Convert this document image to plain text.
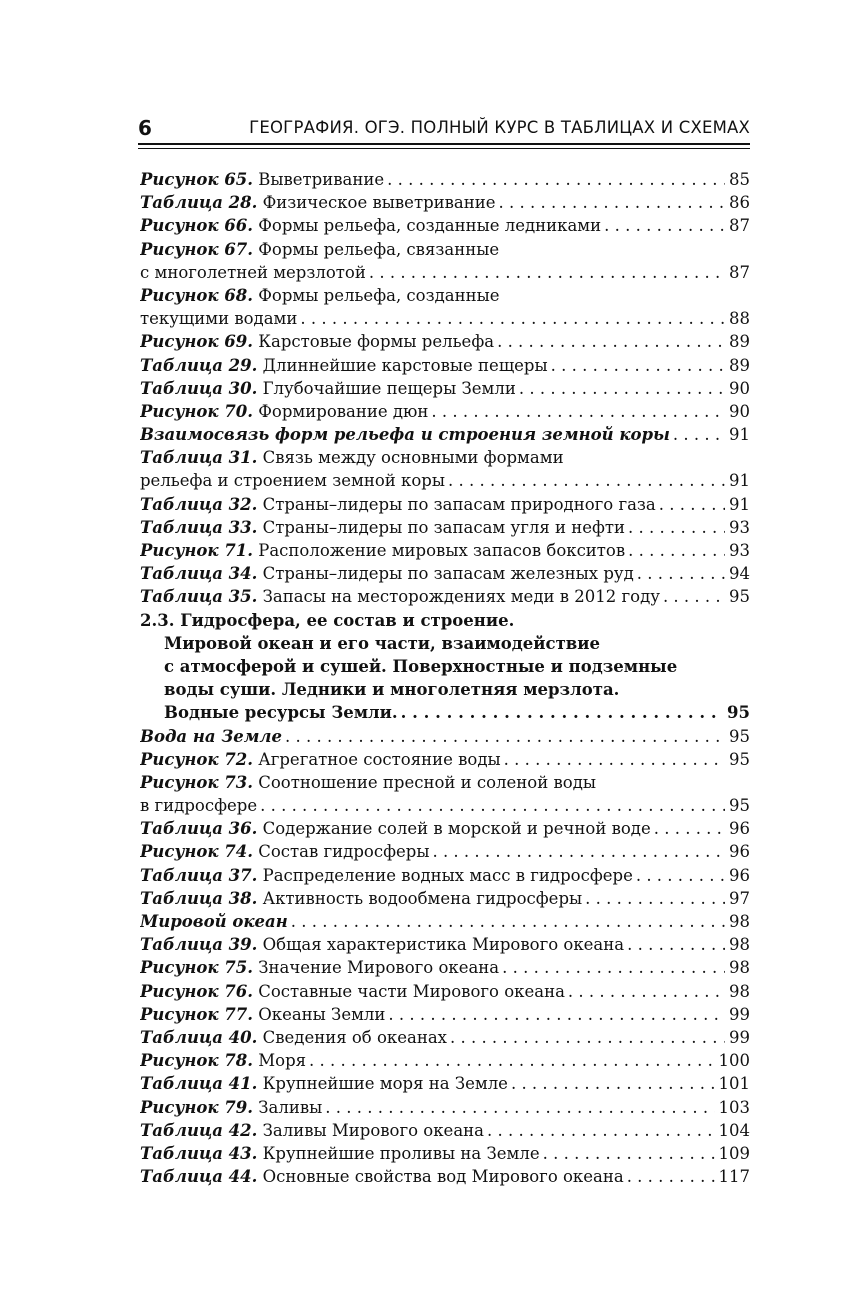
6	ГЕОГРАФИЯ. ОГЭ. ПОЛНЫЙ КУРС В ТАБЛИЦАХ И СХЕМАХ
Рисунок 65. Выветривание . . .	85
Таблица 28. Физическое выветривание . . .	86
Рисунок 66. Формы рельефа, созданные ледниками . . .	87
Рисунок 67. Формы рельефа, связанные
с многолетней мерзлотой . . .	87
Рисунок 68. Формы рельефа, созданные
текущими водами . . .	88
Рисунок 69. Карстовые формы рельефа . . .	89
Таблица 29. Длиннейшие карстовые пещеры . . .	89
Таблица 30. Глубочайшие пещеры Земли . . .	90
Рисунок 70. Формирование дюн . . .	90
Взаимосвязь форм рельефа и строения земной коры . . .	91
Таблица 31. Связь между основными формами
рельефа и строением земной коры . . .	91
Таблица 32. Страны–лидеры по запасам природного газа . . .	91
Таблица 33. Страны–лидеры по запасам угля и нефти . . .	93
Рисунок 71. Расположение мировых запасов бокситов . . .	93
Таблица 34. Страны–лидеры по запасам железных руд . . .	94
Таблица 35. Запасы на месторождениях меди в 2012 году . . .	95
2.3. Гидросфера, ее состав и строение.
Мировой океан и его части, взаимодействие
с атмосферой и сушей. Поверхностные и подземные
воды суши. Ледники и многолетняя мерзлота.
Водные ресурсы Земли. . . .	95
Вода на Земле . . .	95
Рисунок 72. Агрегатное состояние воды . . .	95
Рисунок 73. Соотношение пресной и соленой воды
в гидросфере . . .	95
Таблица 36. Содержание солей в морской и речной воде . . .	96
Рисунок 74. Состав гидросферы . . .	96
Таблица 37. Распределение водных масс в гидросфере . . .	96
Таблица 38. Активность водообмена гидросферы . . .	97
Мировой океан . . .	98
Таблица 39. Общая характеристика Мирового океана . . .	98
Рисунок 75. Значение Мирового океана . . .	98
Рисунок 76. Составные части Мирового океана . . .	98
Рисунок 77. Океаны Земли . . .	99
Таблица 40. Сведения об океанах . . .	99
Рисунок 78. Моря . . .	100
Таблица 41. Крупнейшие моря на Земле . . .	101
Рисунок 79. Заливы . . .	103
Таблица 42. Заливы Мирового океана . . .	104
Таблица 43. Крупнейшие проливы на Земле . . .	109
Таблица 44. Основные свойства вод Мирового океана . . .	117
